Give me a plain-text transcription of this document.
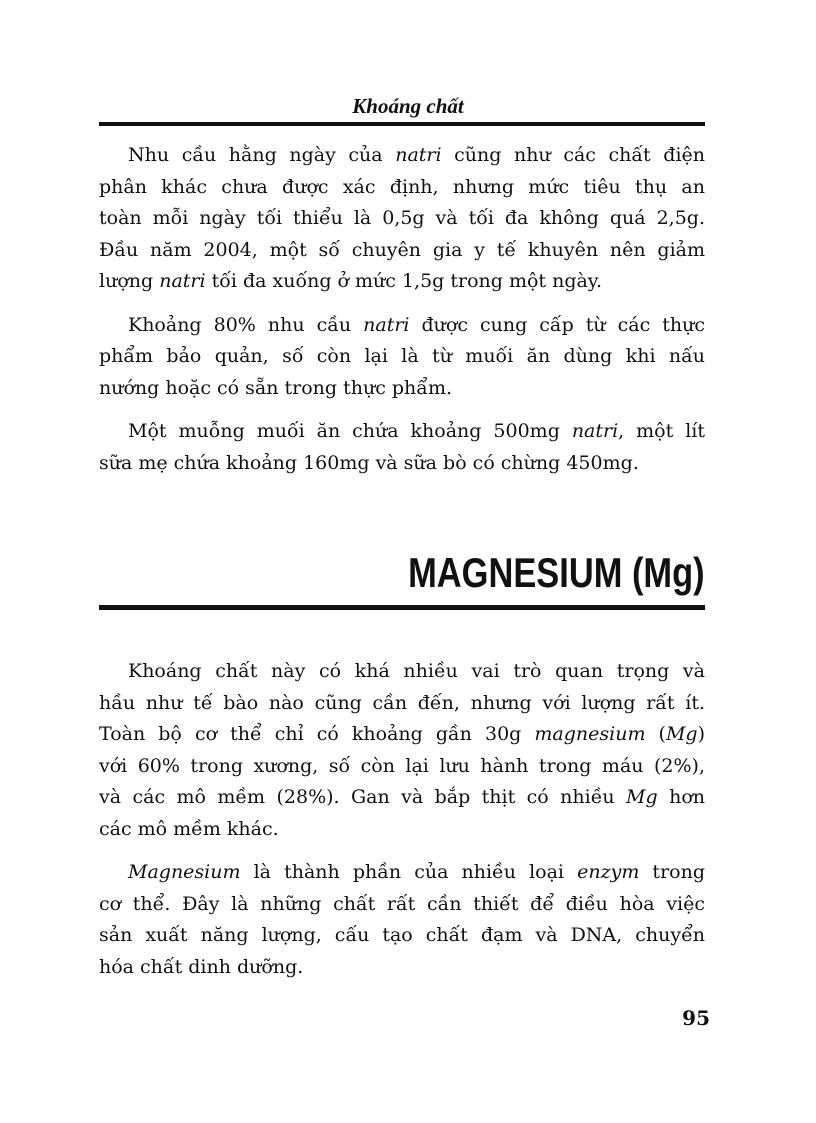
Khoáng chất

Nhu cầu hằng ngày của natri cũng như các chất điện
phân khác chưa được xác định, nhưng mức tiêu thụ an
toàn mỗi ngày tối thiểu là 0,5g và tối đa không quá 2,5g.
Đầu năm 2004, một số chuyên gia y tế khuyên nên giảm
lượng natri tối đa xuống ở mức 1,5g trong một ngày.

Khoảng 80% nhu cầu natri được cung cấp từ các thực
phẩm bảo quản, số còn lại là từ muối ăn dùng khi nấu
nướng hoặc có sẵn trong thực phẩm.

Một muỗng muối ăn chứa khoảng 500mg natri, một lít
sữa mẹ chứa khoảng 160mg và sữa bò có chừng 450mg.

MAGNESIUM (Mg)

Khoáng chất này có khá nhiều vai trò quan trọng và
hầu như tế bào nào cũng cần đến, nhưng với lượng rất ít.
Toàn bộ cơ thể chỉ có khoảng gần 30g magnesium (Mg)
với 60% trong xương, số còn lại lưu hành trong máu (2%),
và các mô mềm (28%). Gan và bắp thịt có nhiều Mg hơn
các mô mềm khác.

Magnesium là thành phần của nhiều loại enzym trong
cơ thể. Đây là những chất rất cần thiết để điều hòa việc
sản xuất năng lượng, cấu tạo chất đạm và DNA, chuyển
hóa chất dinh dưỡng.

95
